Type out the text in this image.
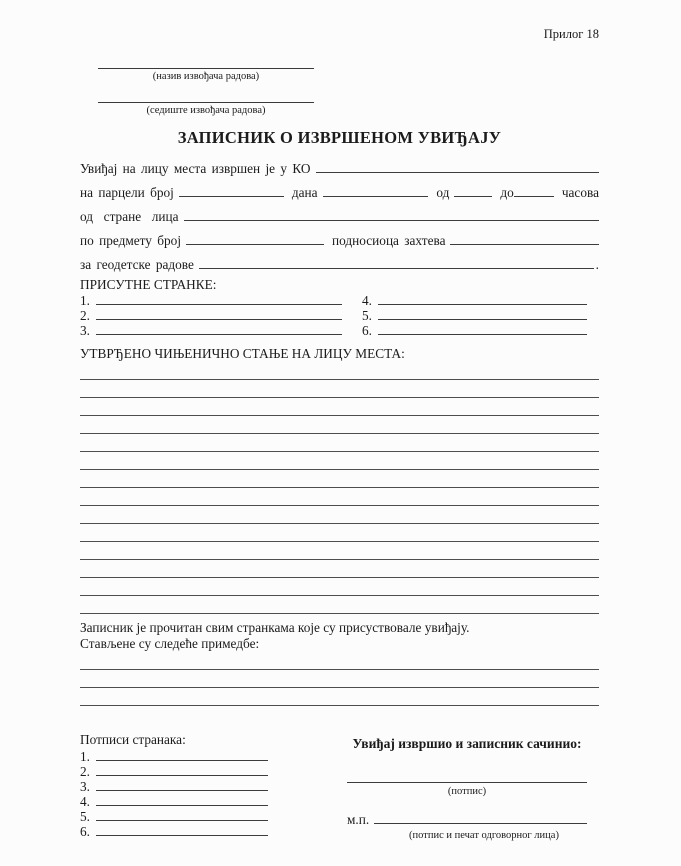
Прилог 18
(назив извођача радова)
(седиште извођача радова)
ЗАПИСНИК О ИЗВРШЕНОМ УВИЂАЈУ
Увиђај на лицу места извршен је у КО
на парцели број	дана	од	до	часова
од  стране  лица
по предмету број	подносиоца захтева
за геодетске радове	.
ПРИСУТНЕ СТРАНКЕ:
1.
2.
3.
4.
5.
6.
УТВРЂЕНО ЧИЊЕНИЧНО СТАЊЕ НА ЛИЦУ МЕСТА:
Записник је прочитан свим странкама које су присуствовале увиђају.
Стављене су следеће примедбе:
Потписи странака:
1.
2.
3.
4.
5.
6.
Увиђај извршио и записник сачинио:
(потпис)
м.п.
(потпис и печат одговорног лица)
